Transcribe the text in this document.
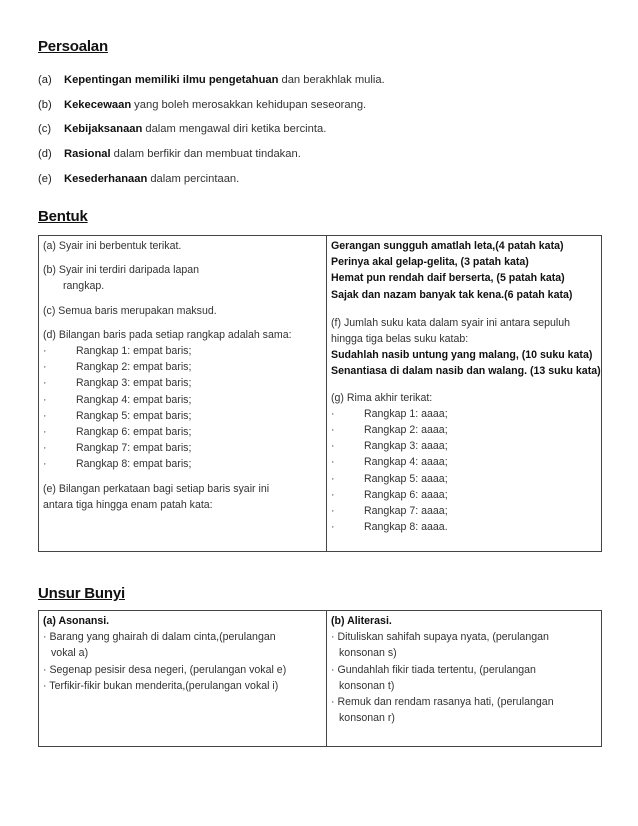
Persoalan
(a)	Kepentingan memiliki ilmu pengetahuan dan berakhlak mulia.
(b)	Kekecewaan yang boleh merosakkan kehidupan seseorang.
(c)	Kebijaksanaan dalam mengawal diri ketika bercinta.
(d)	Rasional dalam berfikir dan membuat tindakan.
(e)	Kesederhanaan dalam percintaan.
Bentuk
(a) Syair ini berbentuk terikat.
(b) Syair ini terdiri daripada lapan
rangkap.
(c) Semua baris merupakan maksud.
(d) Bilangan baris pada setiap rangkap adalah sama:
·	Rangkap 1: empat baris;
·	Rangkap 2: empat baris;
·	Rangkap 3: empat baris;
·	Rangkap 4: empat baris;
·	Rangkap 5: empat baris;
·	Rangkap 6: empat baris;
·	Rangkap 7: empat baris;
·	Rangkap 8: empat baris;
(e) Bilangan perkataan bagi setiap baris syair ini
antara tiga hingga enam patah kata:

Gerangan sungguh amatlah leta,(4 patah kata)
Perinya akal gelap-gelita, (3 patah kata)
Hemat pun rendah daif berserta, (5 patah kata)
Sajak dan nazam banyak tak kena.(6 patah kata)
(f) Jumlah suku kata dalam syair ini antara sepuluh
hingga tiga belas suku katab:
Sudahlah nasib untung yang malang, (10 suku kata)
Senantiasa di dalam nasib dan walang. (13 suku kata)
(g) Rima akhir terikat:
·	Rangkap 1: aaaa;
·	Rangkap 2: aaaa;
·	Rangkap 3: aaaa;
·	Rangkap 4: aaaa;
·	Rangkap 5: aaaa;
·	Rangkap 6: aaaa;
·	Rangkap 7: aaaa;
·	Rangkap 8: aaaa.
Unsur Bunyi
(a) Asonansi.
· Barang yang ghairah di dalam cinta,(perulangan
vokal a)
· Segenap pesisir desa negeri, (perulangan vokal e)
· Terfikir-fikir bukan menderita,(perulangan vokal i)

(b) Aliterasi.
· Dituliskan sahifah supaya nyata, (perulangan
konsonan s)
· Gundahlah fikir tiada tertentu, (perulangan
konsonan t)
· Remuk dan rendam rasanya hati, (perulangan
konsonan r)
